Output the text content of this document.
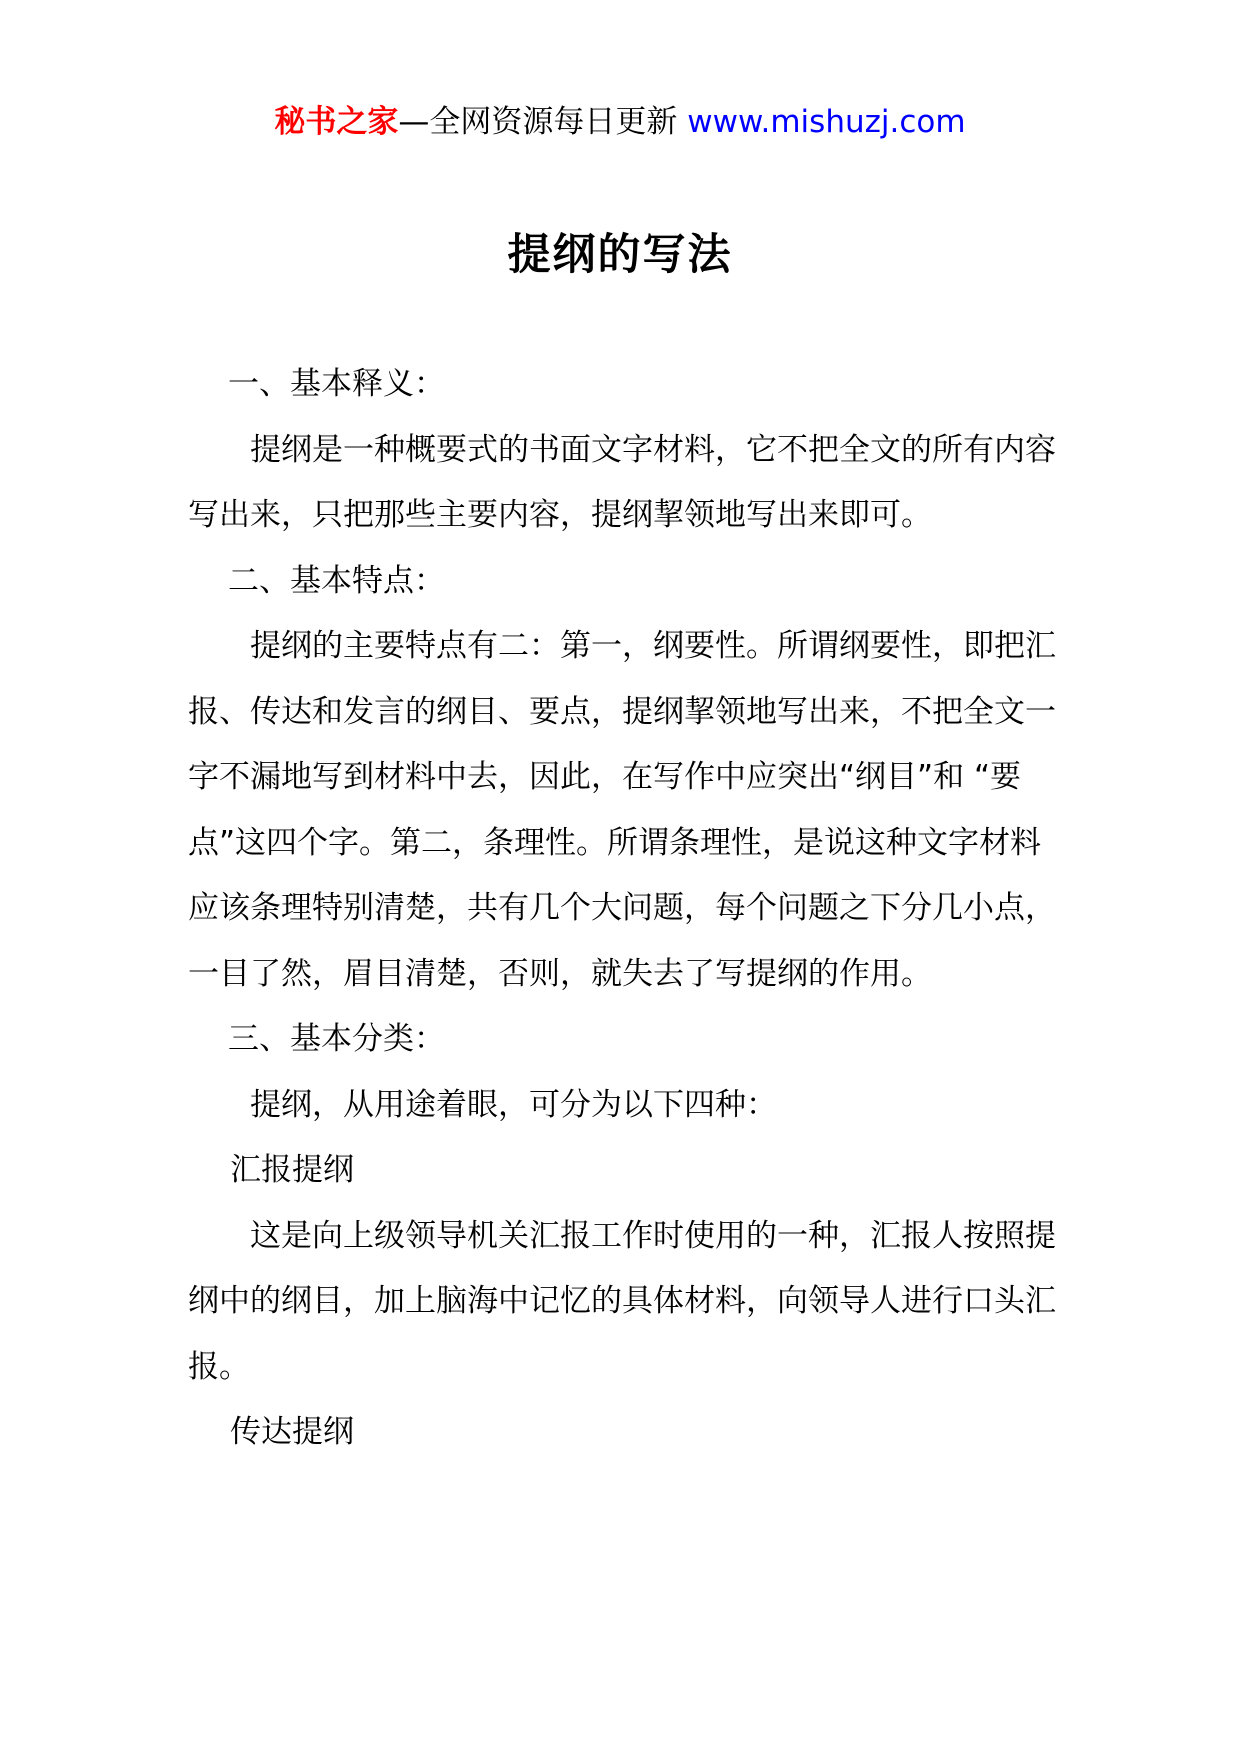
秘书之家—全网资源每日更新 www.mishuzj.com
提纲的写法

一、基本释义：

提纲是一种概要式的书面文字材料，它不把全文的所有内容写出来，只把那些主要内容，提纲挈领地写出来即可。

二、基本特点：

提纲的主要特点有二：第一，纲要性。所谓纲要性，即把汇报、传达和发言的纲目、要点，提纲挈领地写出来，不把全文一字不漏地写到材料中去，因此，在写作中应突出“纲目”和 “要点”这四个字。第二，条理性。所谓条理性，是说这种文字材料应该条理特别清楚，共有几个大问题，每个问题之下分几小点，一目了然，眉目清楚，否则，就失去了写提纲的作用。

三、基本分类：

提纲，从用途着眼，可分为以下四种：

汇报提纲

这是向上级领导机关汇报工作时使用的一种，汇报人按照提纲中的纲目，加上脑海中记忆的具体材料，向领导人进行口头汇报。

传达提纲
